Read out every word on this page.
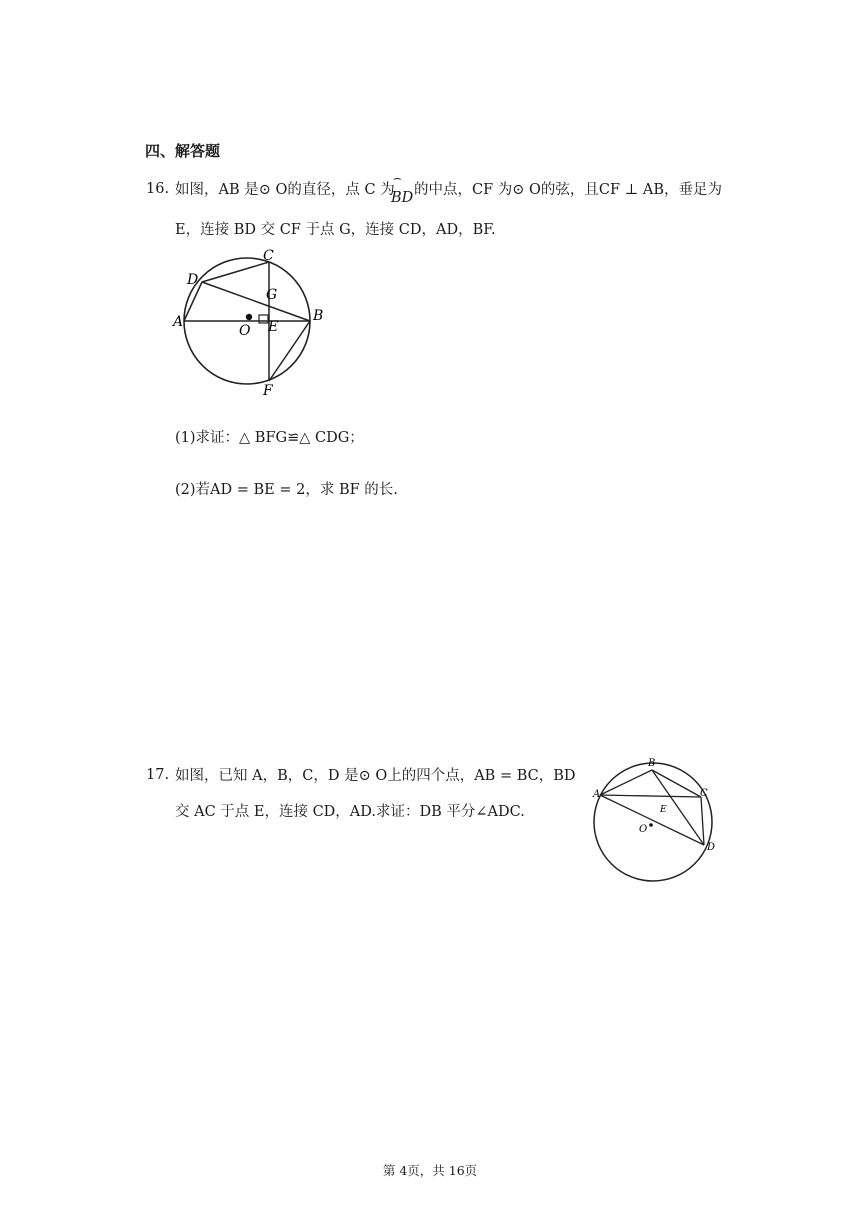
四、解答题
16. 如图，AB 是⊙ O的直径，点 C 为
⌢
BD 的中点，CF 为⊙ O的弦，且CF ⊥ AB，垂足为
E，连接 BD 交 CF 于点 G，连接 CD，AD，BF.
C
D
G
A
O E
B
F
(1)求证：△ BFG≌△ CDG；
(2)若AD = BE = 2，求 BF 的长.
17. 如图，已知 A，B，C，D 是⊙ O上的四个点，AB = BC，BD
交 AC 于点 E，连接 CD，AD.求证：DB 平分∠ADC.
B
A	C
E
O
D
第 4页，共 16页
